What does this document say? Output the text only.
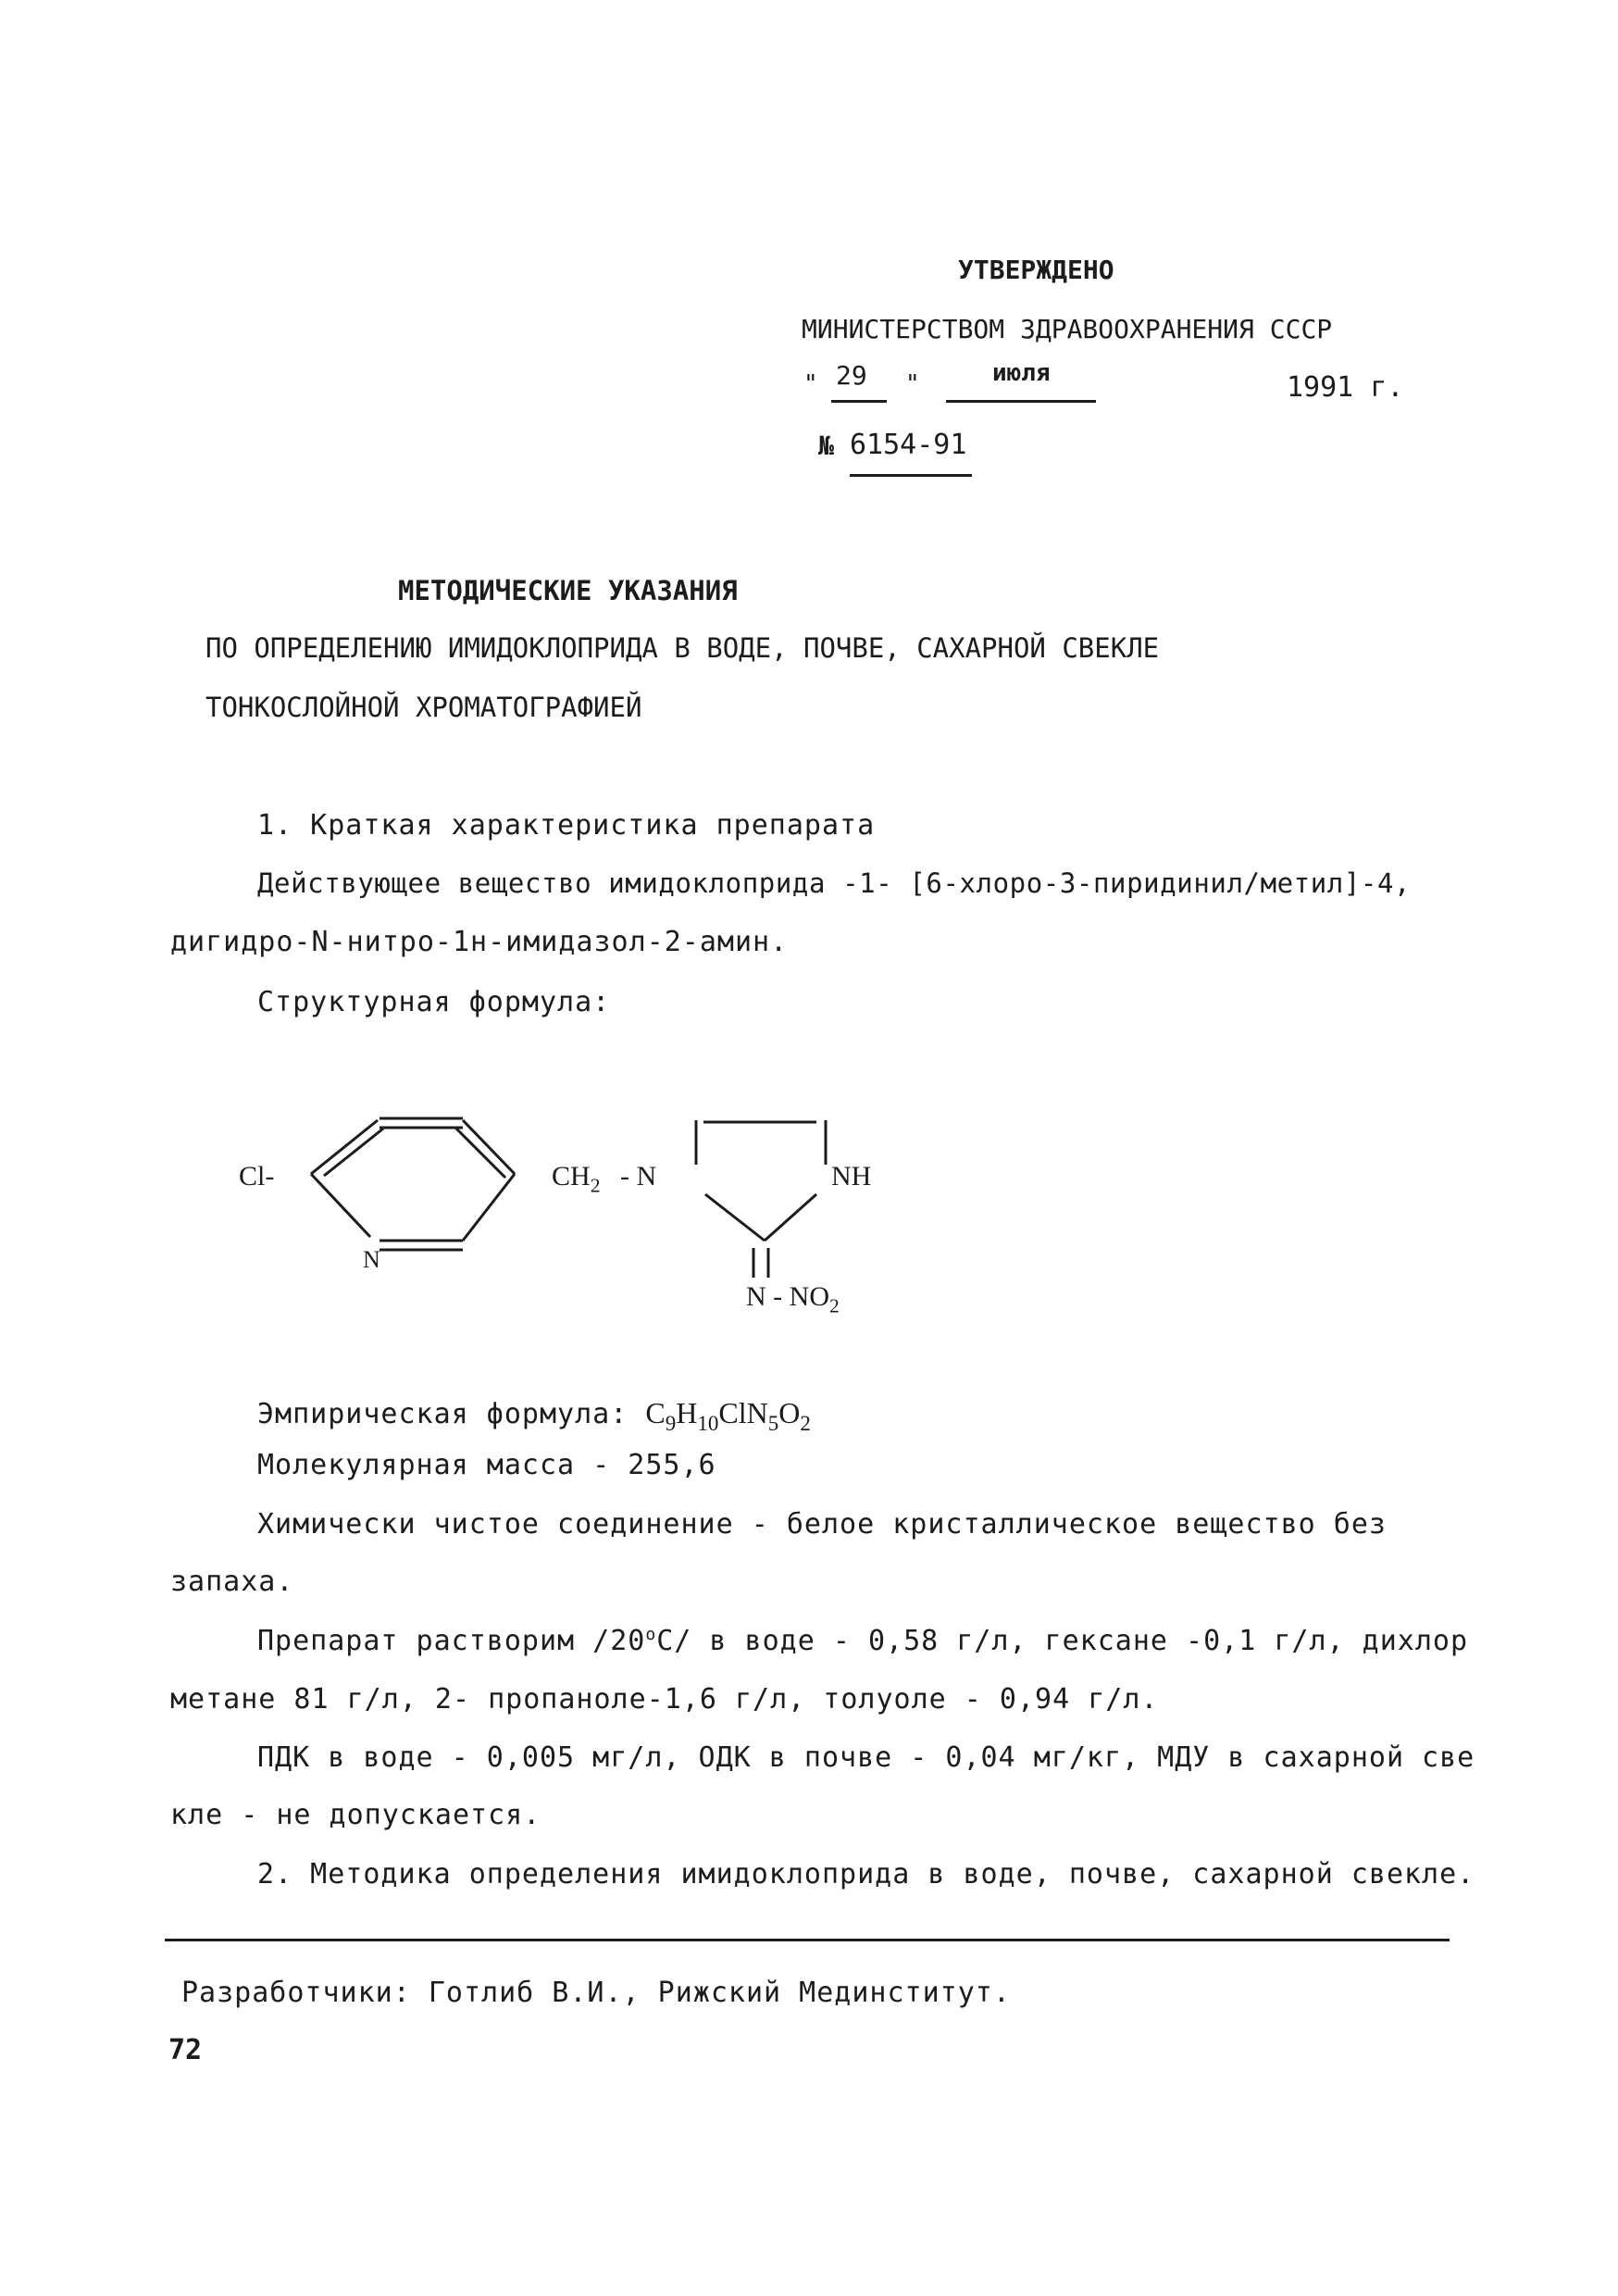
УТВЕРЖДЕНО
МИНИСТЕРСТВОМ ЗДРАВООХРАНЕНИЯ СССР
" 29 "	июля	1991 г.
№ 6154-91
МЕТОДИЧЕСКИЕ УКАЗАНИЯ
ПО ОПРЕДЕЛЕНИЮ ИМИДОКЛОПРИДА В ВОДЕ, ПОЧВЕ, САХАРНОЙ СВЕКЛЕ
ТОНКОСЛОЙНОЙ ХРОМАТОГРАФИЕЙ
1. Краткая характеристика препарата
Действующее вещество имидоклоприда -1- [6-хлоро-3-пиридинил/метил]-4,
дигидро-N-нитро-1н-имидазол-2-амин.
Структурная формула:
Cl-	$CH_2$ - N	NH
N
N - $NO_2$
Эмпирическая формула: $C_9H_{10}ClN_5O_2$
Молекулярная масса - 255,6
Химически чистое соединение - белое кристаллическое вещество без
запаха.
Препарат растворим $/20^оС/$ в воде - 0,58 г/л, гексане -0,1 г/л, дихлор
метане 81 г/л, 2- пропаноле-1,6 г/л, толуоле - 0,94 г/л.
ПДК в воде - 0,005 мг/л, ОДК в почве - 0,04 мг/кг, МДУ в сахарной све
кле - не допускается.
2. Методика определения имидоклоприда в воде, почве, сахарной свекле.
Разработчики: Готлиб В.И., Рижский Мединститут.
72
